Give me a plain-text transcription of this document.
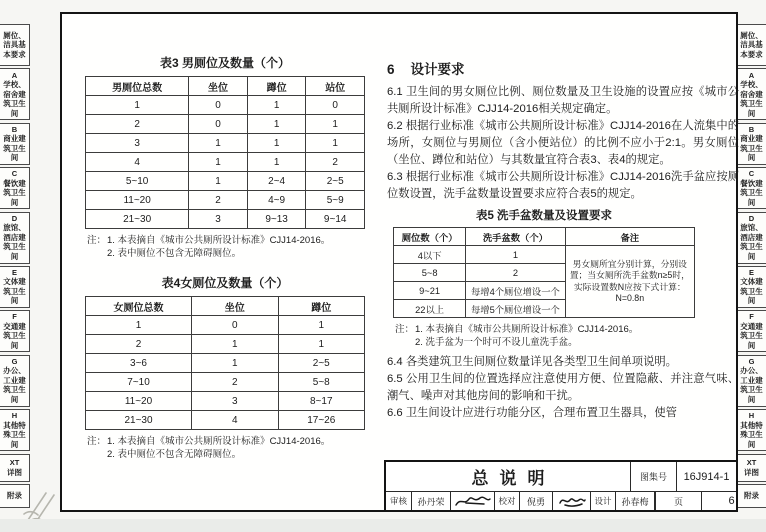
厕位、洁具基本要求
A
学校、宿舍建筑卫生间
B
商业建筑卫生间
C
餐饮建筑卫生间
D
旅馆、酒店建筑卫生间
E
文体建筑卫生间
F
交通建筑卫生间
G
办公、工业建筑卫生间
H
其他特殊卫生间
XT
详图
附录
厕位、洁具基本要求
A
学校、宿舍建筑卫生间
B
商业建筑卫生间
C
餐饮建筑卫生间
D
旅馆、酒店建筑卫生间
E
文体建筑卫生间
F
交通建筑卫生间
G
办公、工业建筑卫生间
H
其他特殊卫生间
XT
详图
附录
表3 男厕位及数量（个）
男厕位总数	坐位	蹲位	站位
1	0	1	0
2	0	1	1
3	1	1	1
4	1	1	2
5~10	1	2~4	2~5
11~20	2	4~9	5~9
21~30	3	9~13	9~14
注： 1. 本表摘自《城市公共厕所设计标准》CJJ14-2016。
2. 表中厕位不包含无障碍厕位。
表4女厕位及数量（个）
女厕位总数	坐位	蹲位
1	0	1
2	1	1
3~6	1	2~5
7~10	2	5~8
11~20	3	8~17
21~30	4	17~26
注： 1. 本表摘自《城市公共厕所设计标准》CJJ14-2016。
2. 表中厕位不包含无障碍厕位。
6 设计要求
6.1 卫生间的男女厕位比例、厕位数量及卫生设施的设置应按《城市公共厕所设计标准》CJJ14-2016相关规定确定。
6.2 根据行业标准《城市公共厕所设计标准》CJJ14-2016在人流集中的场所，女厕位与男厕位（含小便站位）的比例不应小于2:1。男女厕位（坐位、蹲位和站位）与其数量宜符合表3、表4的规定。
6.3 根据行业标准《城市公共厕所设计标准》CJJ14-2016洗手盆应按厕位数设置，洗手盆数量设置要求应符合表5的规定。
表5 洗手盆数量及设置要求
厕位数（个）	洗手盆数（个）	备注
4以下	1	男女厕所宜分别计算，分别设置；当女厕所洗手盆数n≥5时，实际设置数N应按下式计算：N=0.8n
5~8	2	
9~21	每增4个厕位增设一个	
22以上	每增5个厕位增设一个	
注： 1. 本表摘自《城市公共厕所设计标准》CJJ14-2016。
2. 洗手盆为一个时可不设儿童洗手盆。
6.4 各类建筑卫生间厕位数量详见各类型卫生间单项说明。
6.5 公用卫生间的位置选择应注意使用方便、位置隐蔽、并注意气味、潮气、噪声对其他房间的影响和干扰。
6.6 卫生间设计应进行功能分区，合理布置卫生器具，使管
总说明	图集号	16J914-1
审核	孙丹荣	校对	倪勇	设计	孙春梅	页	6
